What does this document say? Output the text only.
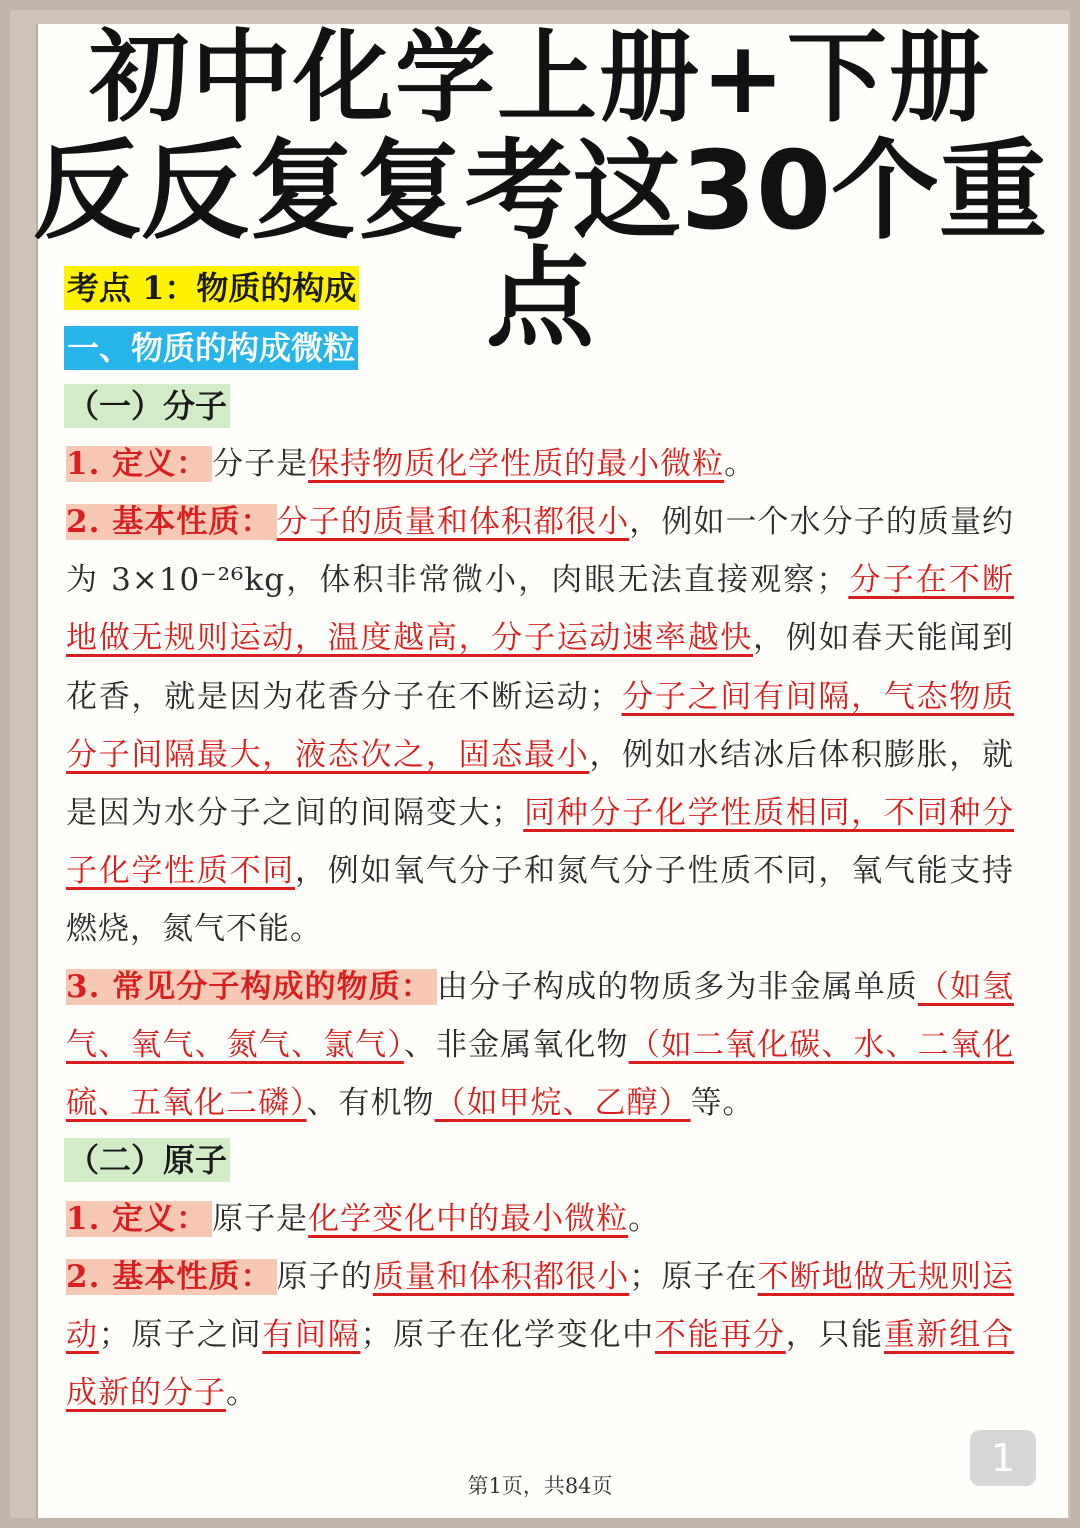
初中化学上册+下册
反反复复考这30个重点
考点 1：物质的构成
一、物质的构成微粒
（一）分子
1. 定义： 分子是保持物质化学性质的最小微粒。
2. 基本性质： 分子的质量和体积都很小，例如一个水分子的质量约为 3×10⁻²⁶kg，体积非常微小，肉眼无法直接观察；分子在不断地做无规则运动，温度越高，分子运动速率越快，例如春天能闻到花香，就是因为花香分子在不断运动；分子之间有间隔，气态物质分子间隔最大，液态次之，固态最小，例如水结冰后体积膨胀，就是因为水分子之间的间隔变大；同种分子化学性质相同，不同种分子化学性质不同，例如氧气分子和氮气分子性质不同，氧气能支持燃烧，氮气不能。
3. 常见分子构成的物质： 由分子构成的物质多为非金属单质（如氢气、氧气、氮气、氯气）、非金属氧化物（如二氧化碳、水、二氧化硫、五氧化二磷）、有机物（如甲烷、乙醇）等。
（二）原子
1. 定义： 原子是化学变化中的最小微粒。
2. 基本性质： 原子的质量和体积都很小；原子在不断地做无规则运动；原子之间有间隔；原子在化学变化中不能再分，只能重新组合成新的分子。
1
第1页，共84页
